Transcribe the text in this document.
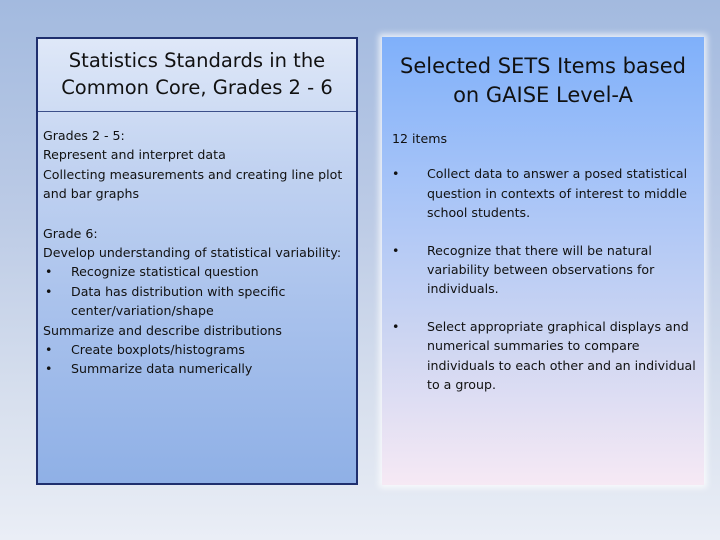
Statistics Standards in the
Common Core, Grades 2 - 6
Grades 2 - 5:
Represent and interpret data
Collecting measurements and creating line plot and bar graphs
Grade 6:
Develop understanding of statistical variability:
•	Recognize statistical question
•	Data has distribution with specific center/variation/shape
Summarize and describe distributions
•	Create boxplots/histograms
•	Summarize data numerically
Selected SETS Items based
on GAISE Level-A
12 items
•	Collect data to answer a posed statistical question in contexts of interest to middle school students.
•	Recognize that there will be natural variability between observations for individuals.
•	Select appropriate graphical displays and numerical summaries to compare individuals to each other and an individual to a group.
